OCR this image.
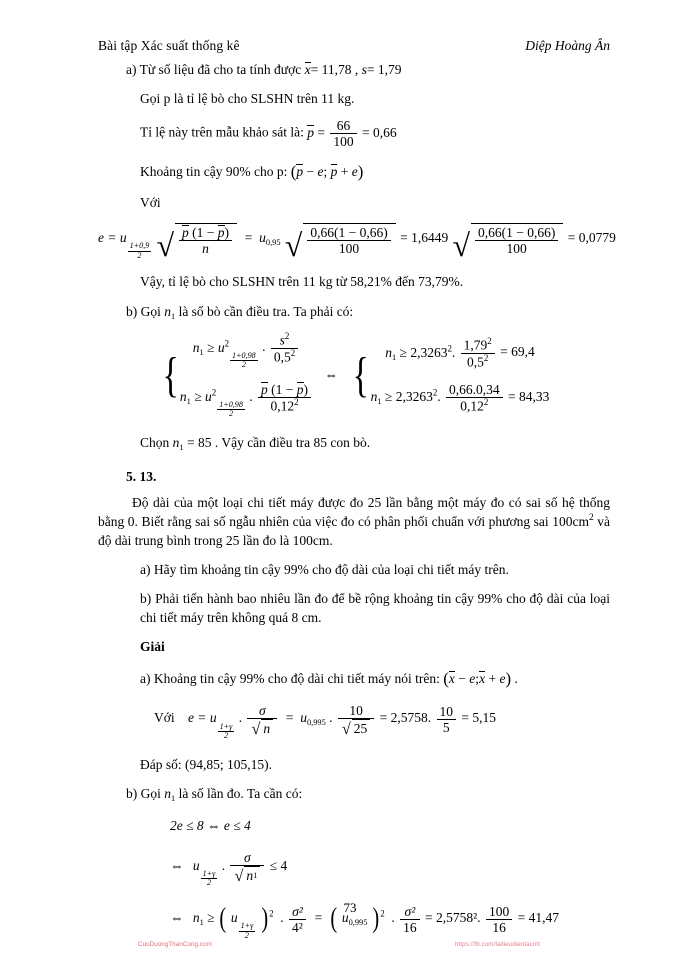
Bài tập Xác suất thống kê	Diệp Hoàng Ân

a) Từ số liệu đã cho ta tính được x= 11,78 , s= 1,79

Gọi p là tỉ lệ bò cho SLSHN trên 11 kg.

Tỉ lệ này trên mẫu khảo sát là: $p = \frac{66}{100} = 0,66$

Khoảng tin cậy 90% cho p: (p − e; p + e)

Với

e = u
$\frac{1+0,9}{2}$
√ $\frac{p (1 - p)}{n} = u_{0,95}$ √ $\frac{0,66(1 - 0,66)}{100} = 1,6449$ √ $\frac{0,66(1 - 0,66)}{100} = 0,0779$

Vậy, tỉ lệ bò cho SLSHN trên 11 kg từ 58,21% đến 73,79%.

b) Gọi $n_1$ là số bò cần điều tra. Ta phải có:

{
$n_1 \ge u^2$
$\frac{1+0,98}{2}$
. $\frac{s^2}{0,5^2}$
$n_1 \ge u^2$
$\frac{1+0,98}{2}$
. $\frac{p (1 - p)}{0,12^2}$
⇔ {	$n_1 \ge 2,3263^2$. $\frac{1,79^2}{0,5^2} = 69,4$
$n_1 \ge 2,3263^2$. $\frac{0,66.0,34}{0,12^2} = 84,33$

Chọn $n_1 = 85$ . Vậy cần điều tra 85 con bò.

5. 13.

Độ dài của một loại chi tiết máy được đo 25 lần bằng một máy đo có sai số hệ thống bằng 0. Biết rằng sai số ngẫu nhiên của việc đo có phân phối chuẩn với phương sai $100cm^2$ và độ dài trung bình trong 25 lần đo là 100cm.

a) Hãy tìm khoảng tin cậy 99% cho độ dài của loại chi tiết máy trên.

b) Phải tiến hành bao nhiêu lần đo để bề rộng khoảng tin cậy 99% cho độ dài của loại chi tiết máy trên không quá 8 cm.

Giải

a) Khoảng tin cậy 99% cho độ dài chi tiết máy nói trên: (x − e;x + e) .

Với e = u
$\frac{1+\gamma}{2}$
. $\frac{\sigma}{√ n} = u_{0,995}$ . $\frac{10}{√ 25} = 2,5758$. $\frac{10}{5} = 5,15$

Đáp số: (94,85; 105,15).

b) Gọi $n_1$ là số lần đo. Ta cần có:

2e ≤ 8 ⇔ e ≤ 4
⇔ u
$\frac{1+\gamma}{2}$
. $\frac{\sigma}{√ n 1} \le 4$
⇔ $n_1$ ≥ ( u
$\frac{1+\gamma}{2} )^2$  . $\frac{\text{σ²}}{\text{4²}}$ =  ( $u_{0,995}$ )$^2$  . $\frac{\text{σ²}}{16} = 2,5758^2$. $\frac{100}{16} = 41,47$
73
CuuDuongThanCong.com	https://fb.com/tailieudientacntt
